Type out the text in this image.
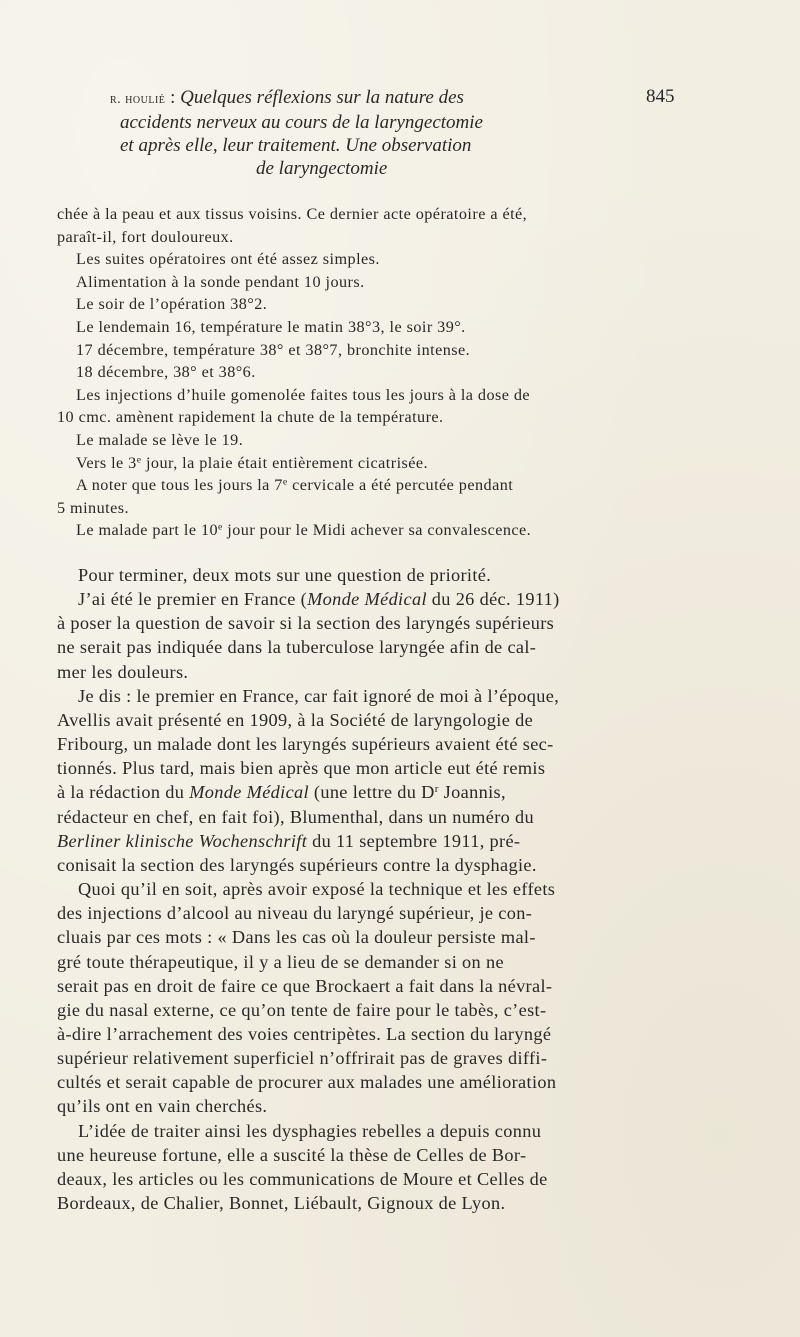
r. houlié : Quelques réflexions sur la nature des
accidents nerveux au cours de la laryngectomie
et après elle, leur traitement. Une observation
de laryngectomie
845
chée à la peau et aux tissus voisins. Ce dernier acte opératoire a été,
paraît-il, fort douloureux.
Les suites opératoires ont été assez simples.
Alimentation à la sonde pendant 10 jours.
Le soir de l’opération 38°2.
Le lendemain 16, température le matin 38°3, le soir 39°.
17 décembre, température 38° et 38°7, bronchite intense.
18 décembre, 38° et 38°6.
Les injections d’huile gomenolée faites tous les jours à la dose de
10 cmc. amènent rapidement la chute de la température.
Le malade se lève le 19.
Vers le 3e jour, la plaie était entièrement cicatrisée.
A noter que tous les jours la 7e cervicale a été percutée pendant
5 minutes.
Le malade part le 10e jour pour le Midi achever sa convalescence.
Pour terminer, deux mots sur une question de priorité.
J’ai été le premier en France (Monde Médical du 26 déc. 1911)
à poser la question de savoir si la section des laryngés supérieurs
ne serait pas indiquée dans la tuberculose laryngée afin de cal-
mer les douleurs.
Je dis : le premier en France, car fait ignoré de moi à l’époque,
Avellis avait présenté en 1909, à la Société de laryngologie de
Fribourg, un malade dont les laryngés supérieurs avaient été sec-
tionnés. Plus tard, mais bien après que mon article eut été remis
à la rédaction du Monde Médical (une lettre du $D^r$ Joannis,
rédacteur en chef, en fait foi), Blumenthal, dans un numéro du
Berliner klinische Wochenschrift du 11 septembre 1911, pré-
conisait la section des laryngés supérieurs contre la dysphagie.
Quoi qu’il en soit, après avoir exposé la technique et les effets
des injections d’alcool au niveau du laryngé supérieur, je con-
cluais par ces mots : « Dans les cas où la douleur persiste mal-
gré toute thérapeutique, il y a lieu de se demander si on ne
serait pas en droit de faire ce que Brockaert a fait dans la névral-
gie du nasal externe, ce qu’on tente de faire pour le tabès, c’est-
à-dire l’arrachement des voies centripètes. La section du laryngé
supérieur relativement superficiel n’offrirait pas de graves diffi-
cultés et serait capable de procurer aux malades une amélioration
qu’ils ont en vain cherchés.
L’idée de traiter ainsi les dysphagies rebelles a depuis connu
une heureuse fortune, elle a suscité la thèse de Celles de Bor-
deaux, les articles ou les communications de Moure et Celles de
Bordeaux, de Chalier, Bonnet, Liébault, Gignoux de Lyon.
